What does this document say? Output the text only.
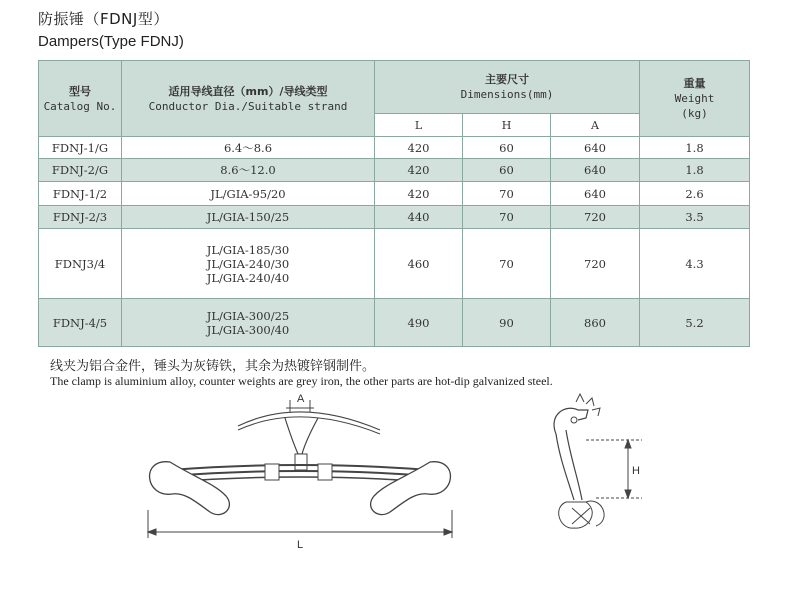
防振锤（FDNJ型）
Dampers(Type FDNJ)
型号
Catalog No.	适用导线直径（mm）/导线类型
Conductor Dia./Suitable strand	主要尺寸
Dimensions(mm)			重量
Weight
(kg)

		L	H	A	
FDNJ-1/G	6.4～8.6	420	60	640	1.8
FDNJ-2/G	8.6～12.0	420	60	640	1.8
FDNJ-1/2	JL/GIA-95/20	420	70	640	2.6
FDNJ-2/3	JL/GIA-150/25	440	70	720	3.5
FDNJ3/4	JL/GIA-185/30
JL/GIA-240/30
JL/GIA-240/40	460	70	720	4.3
FDNJ-4/5	JL/GIA-300/25
JL/GIA-300/40	490	90	860	5.2
线夹为铝合金件，锤头为灰铸铁，其余为热镀锌钢制件。
The clamp is aluminium alloy, counter weights are grey iron, the other parts are hot-dip galvanized steel.
A
L
H
